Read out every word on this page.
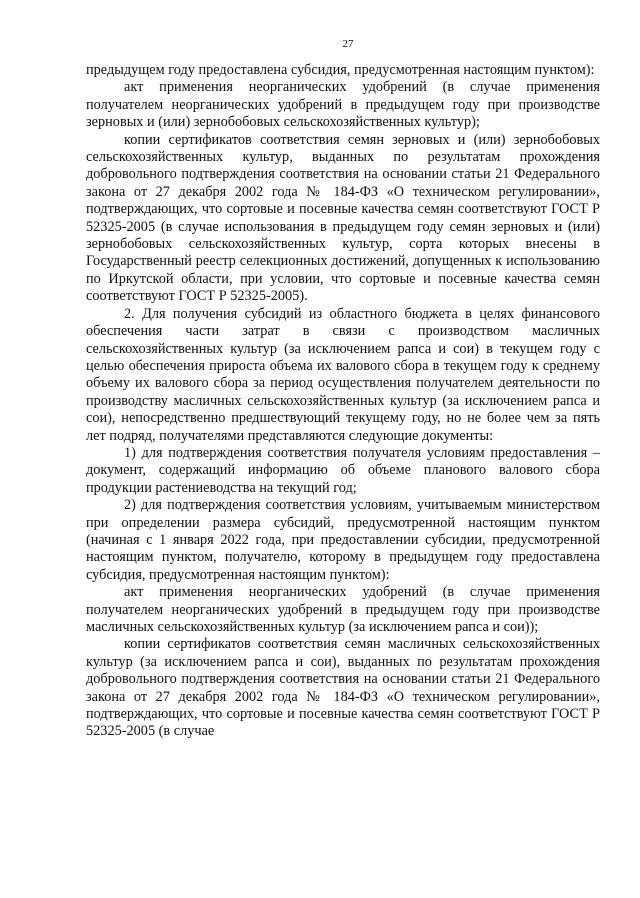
27

предыдущем году предоставлена субсидия, предусмотренная настоящим пунктом):

акт применения неорганических удобрений (в случае применения получателем неорганических удобрений в предыдущем году при производстве зерновых и (или) зернобобовых сельскохозяйственных культур);

копии сертификатов соответствия семян зерновых и (или) зернобобовых сельскохозяйственных культур, выданных по результатам прохождения добровольного подтверждения соответствия на основании статьи 21 Федерального закона от 27 декабря 2002 года № 184-ФЗ «О техническом регулировании», подтверждающих, что сортовые и посевные качества семян соответствуют ГОСТ Р 52325-2005 (в случае использования в предыдущем году семян зерновых и (или) зернобобовых сельскохозяйственных культур, сорта которых внесены в Государственный реестр селекционных достижений, допущенных к использованию по Иркутской области, при условии, что сортовые и посевные качества семян соответствуют ГОСТ Р 52325-2005).

2. Для получения субсидий из областного бюджета в целях финансового обеспечения части затрат в связи с производством масличных сельскохозяйственных культур (за исключением рапса и сои) в текущем году с целью обеспечения прироста объема их валового сбора в текущем году к среднему объему их валового сбора за период осуществления получателем деятельности по производству масличных сельскохозяйственных культур (за исключением рапса и сои), непосредственно предшествующий текущему году, но не более чем за пять лет подряд, получателями представляются следующие документы:

1) для подтверждения соответствия получателя условиям предоставления – документ, содержащий информацию об объеме планового валового сбора продукции растениеводства на текущий год;

2) для подтверждения соответствия условиям, учитываемым министерством при определении размера субсидий, предусмотренной настоящим пунктом (начиная с 1 января 2022 года, при предоставлении субсидии, предусмотренной настоящим пунктом, получателю, которому в предыдущем году предоставлена субсидия, предусмотренная настоящим пунктом):

акт применения неорганических удобрений (в случае применения получателем неорганических удобрений в предыдущем году при производстве масличных сельскохозяйственных культур (за исключением рапса и сои));

копии сертификатов соответствия семян масличных сельскохозяйственных культур (за исключением рапса и сои), выданных по результатам прохождения добровольного подтверждения соответствия на основании статьи 21 Федерального закона от 27 декабря 2002 года № 184-ФЗ «О техническом регулировании», подтверждающих, что сортовые и посевные качества семян соответствуют ГОСТ Р 52325-2005 (в случае
